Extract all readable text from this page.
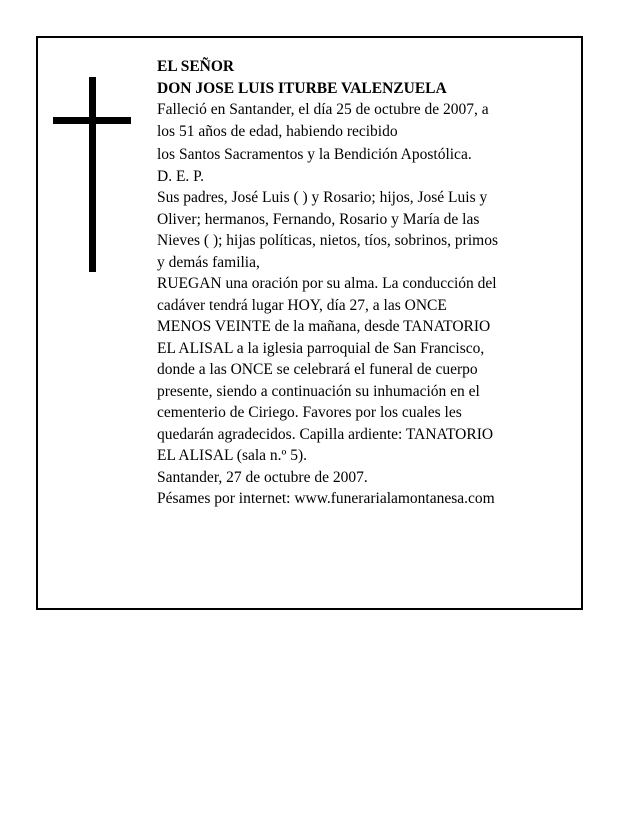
EL SEÑOR
DON JOSE LUIS ITURBE VALENZUELA
Falleció en Santander, el día 25 de octubre de 2007, a
los 51 años de edad, habiendo recibido
los Santos Sacramentos y la Bendición Apostólica.
D. E. P.
Sus padres, José Luis ( ) y Rosario; hijos, José Luis y
Oliver; hermanos, Fernando, Rosario y María de las
Nieves ( ); hijas políticas, nietos, tíos, sobrinos, primos
y demás familia,
RUEGAN una oración por su alma. La conducción del
cadáver tendrá lugar HOY, día 27, a las ONCE
MENOS VEINTE de la mañana, desde TANATORIO
EL ALISAL a la iglesia parroquial de San Francisco,
donde a las ONCE se celebrará el funeral de cuerpo
presente, siendo a continuación su inhumación en el
cementerio de Ciriego. Favores por los cuales les
quedarán agradecidos. Capilla ardiente: TANATORIO
EL ALISAL (sala n.º 5).
Santander, 27 de octubre de 2007.
Pésames por internet: www.funerarialamontanesa.com
